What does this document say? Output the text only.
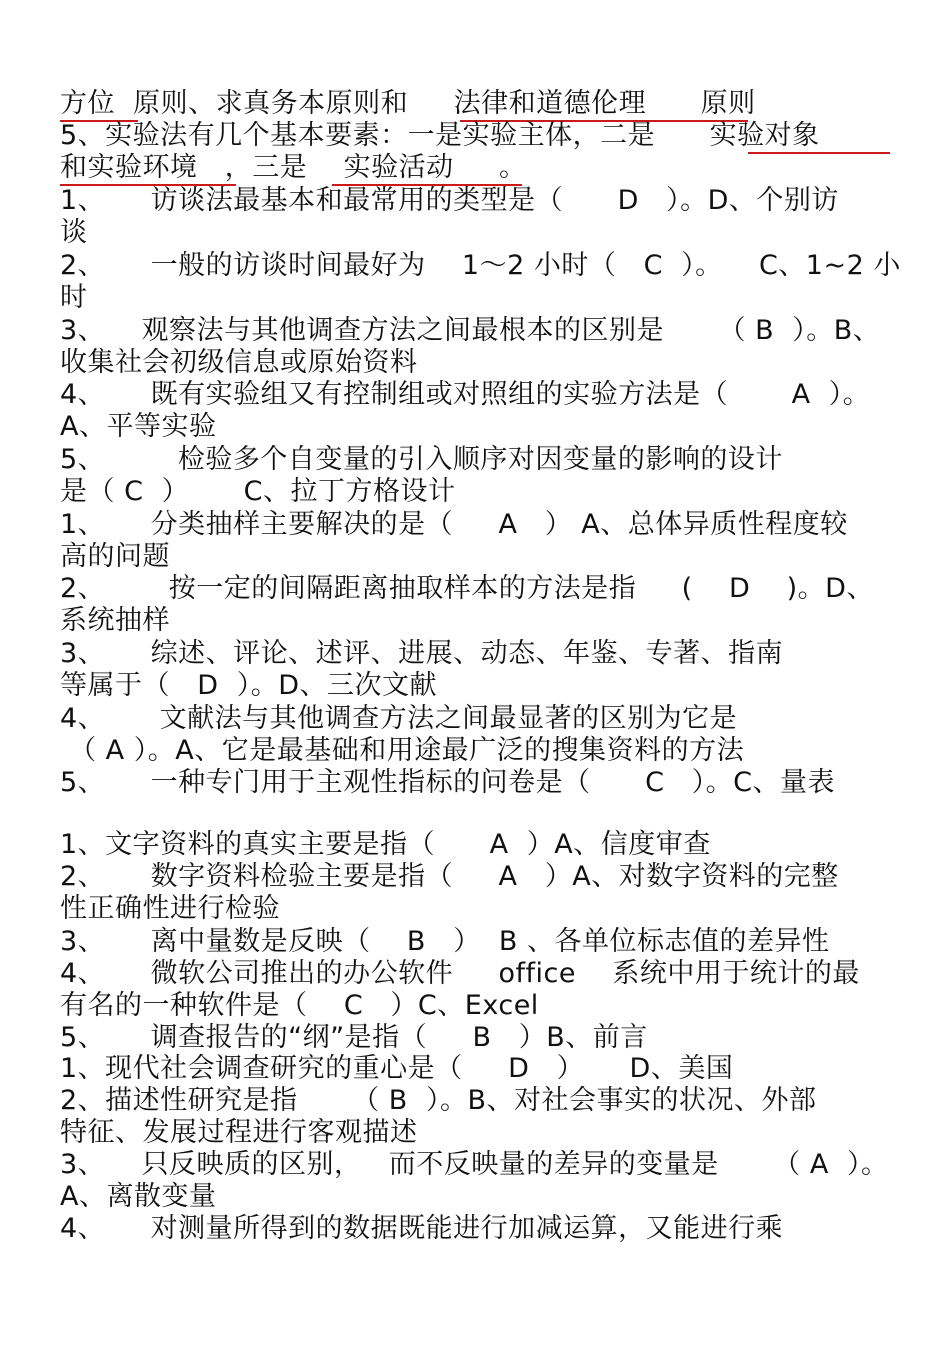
方位  原则、求真务本原则和     法律和道德伦理      原则
5、实验法有几个基本要素：一是实验主体，二是      实验对象
和实验环境   ，三是    实验活动     。
1、     访谈法最基本和最常用的类型是（      D   ）。D、个别访
谈
2、     一般的访谈时间最好为    1～2 小时（   C  ）。    C、1~2 小
时
3、    观察法与其他调查方法之间最根本的区别是      （ B  ）。B、
收集社会初级信息或原始资料
4、     既有实验组又有控制组或对照组的实验方法是（       A  ）。
A、平等实验
5、        检验多个自变量的引入顺序对因变量的影响的设计
是（ C  ）      C、拉丁方格设计
1、     分类抽样主要解决的是（     A   ） A、总体异质性程度较
高的问题
2、       按一定的间隔距离抽取样本的方法是指     (    D    )。D、
系统抽样
3、     综述、评论、述评、进展、动态、年鉴、专著、指南
等属于（   D  ）。D、三次文献
4、      文献法与其他调查方法之间最显著的区别为它是
（ A ）。A、它是最基础和用途最广泛的搜集资料的方法
5、     一种专门用于主观性指标的问卷是（      C   ）。C、量表
1、文字资料的真实主要是指（      A  ）A、信度审查
2、     数字资料检验主要是指（     A   ）A、对数字资料的完整
性正确性进行检验
3、     离中量数是反映（    B   ）  B 、各单位标志值的差异性
4、     微软公司推出的办公软件     office    系统中用于统计的最
有名的一种软件是（    C   ）C、Excel
5、     调查报告的“纲”是指（     B   ）B、前言
1、现代社会调查研究的重心是（     D   ）     D、美国
2、描述性研究是指      （ B  ）。B、对社会事实的状况、外部
特征、发展过程进行客观描述
3、    只反映质的区别，   而不反映量的差异的变量是      （ A  ）。
A、离散变量
4、     对测量所得到的数据既能进行加减运算，又能进行乘
